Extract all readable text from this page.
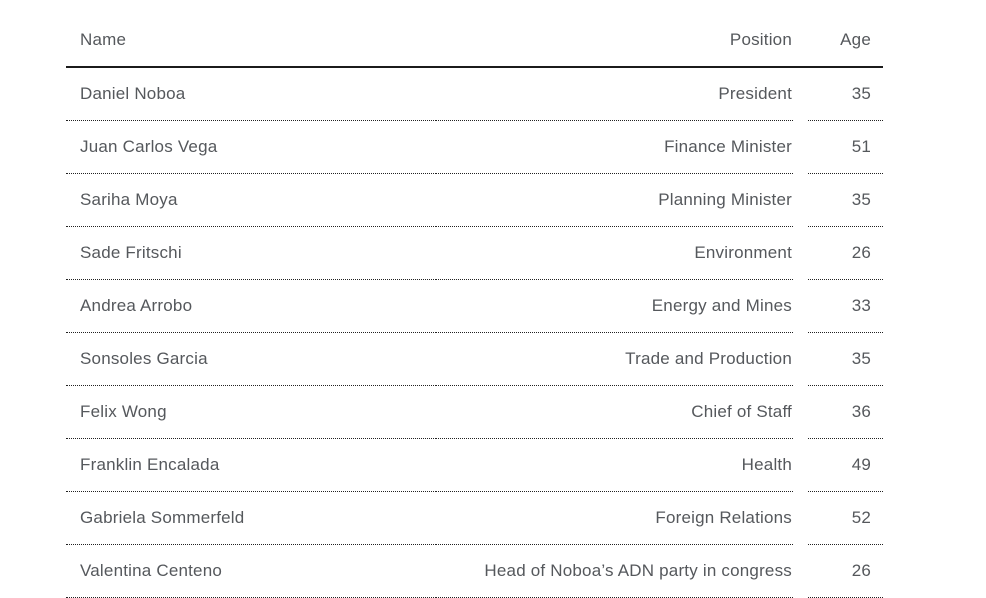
Name	Position	Age
Daniel Noboa	President	35
Juan Carlos Vega	Finance Minister	51
Sariha Moya	Planning Minister	35
Sade Fritschi	Environment	26
Andrea Arrobo	Energy and Mines	33
Sonsoles Garcia	Trade and Production	35
Felix Wong	Chief of Staff	36
Franklin Encalada	Health	49
Gabriela Sommerfeld	Foreign Relations	52
Valentina Centeno	Head of Noboa’s ADN party in congress	26
